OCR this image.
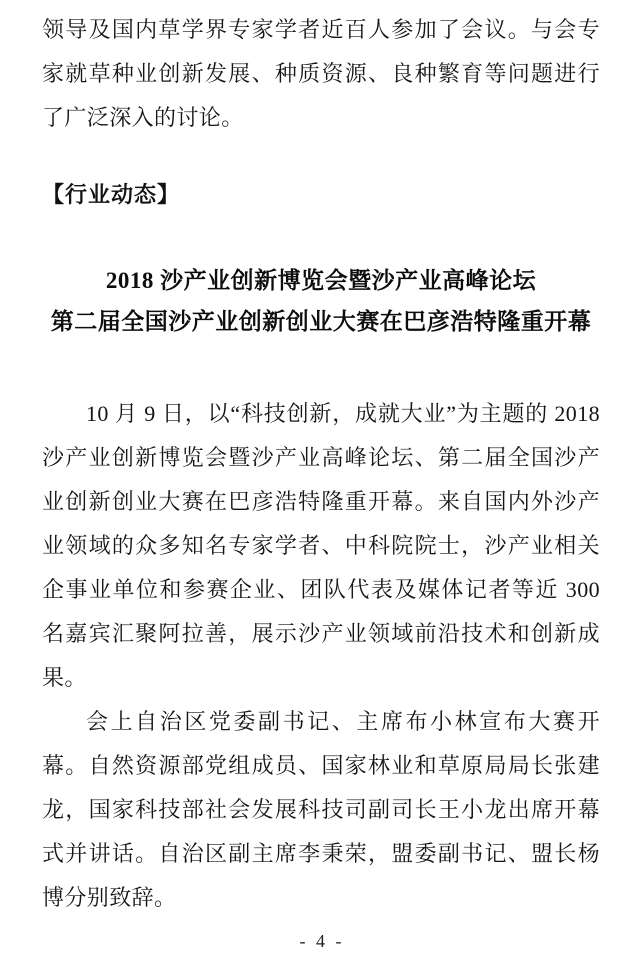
领导及国内草学界专家学者近百人参加了会议。与会专家就草种业创新发展、种质资源、良种繁育等问题进行了广泛深入的讨论。

【行业动态】
2018 沙产业创新博览会暨沙产业高峰论坛
第二届全国沙产业创新创业大赛在巴彦浩特隆重开幕

10 月 9 日，以“科技创新，成就大业”为主题的 2018 沙产业创新博览会暨沙产业高峰论坛、第二届全国沙产业创新创业大赛在巴彦浩特隆重开幕。来自国内外沙产业领域的众多知名专家学者、中科院院士，沙产业相关企事业单位和参赛企业、团队代表及媒体记者等近 300 名嘉宾汇聚阿拉善，展示沙产业领域前沿技术和创新成果。

会上自治区党委副书记、主席布小林宣布大赛开幕。自然资源部党组成员、国家林业和草原局局长张建龙，国家科技部社会发展科技司副司长王小龙出席开幕式并讲话。自治区副主席李秉荣，盟委副书记、盟长杨博分别致辞。

- 4 -
